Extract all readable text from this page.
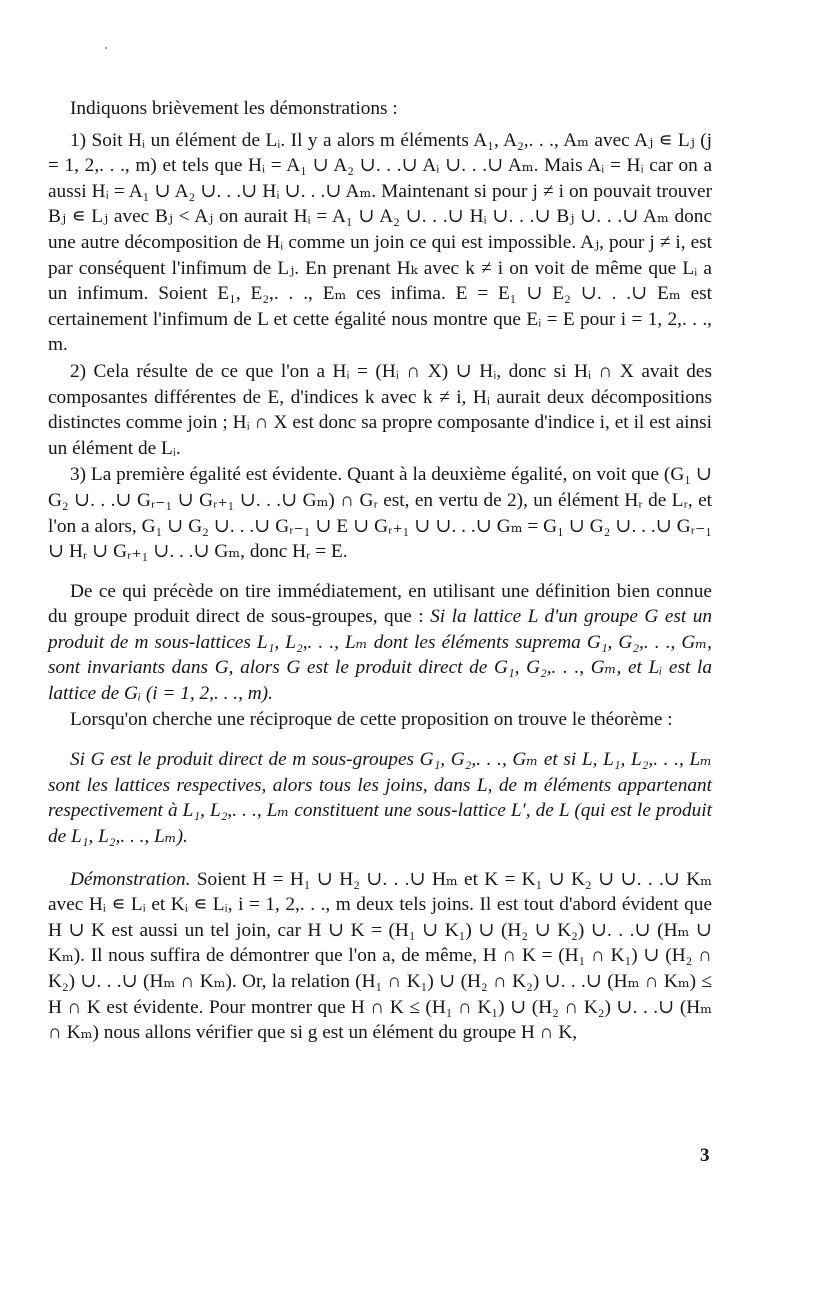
Indiquons brièvement les démonstrations :

1) Soit Hᵢ un élément de Lᵢ. Il y a alors m éléments A₁, A₂,. . ., Aₘ avec Aⱼ ∊ Lⱼ (j = 1, 2,. . ., m) et tels que Hᵢ = A₁ ∪ A₂ ∪. . .∪ Aᵢ ∪. . .∪ Aₘ. Mais Aᵢ = Hᵢ car on a aussi Hᵢ = A₁ ∪ A₂ ∪. . .∪ Hᵢ ∪. . .∪ Aₘ. Maintenant si pour j ≠ i on pouvait trouver Bⱼ ∊ Lⱼ avec Bⱼ < Aⱼ on aurait Hᵢ = A₁ ∪ A₂ ∪. . .∪ Hᵢ ∪. . .∪ Bⱼ ∪. . .∪ Aₘ donc une autre décomposition de Hᵢ comme un join ce qui est impossible. Aⱼ, pour j ≠ i, est par conséquent l'infimum de Lⱼ. En prenant Hₖ avec k ≠ i on voit de même que Lᵢ a un infimum. Soient E₁, E₂,. . ., Eₘ ces infima. E = E₁ ∪ E₂ ∪. . .∪ Eₘ est certainement l'infimum de L et cette égalité nous montre que Eᵢ = E pour i = 1, 2,. . ., m.

2) Cela résulte de ce que l'on a Hᵢ = (Hᵢ ∩ X) ∪ Hᵢ, donc si Hᵢ ∩ X avait des composantes différentes de E, d'indices k avec k ≠ i, Hᵢ aurait deux décompositions distinctes comme join ; Hᵢ ∩ X est donc sa propre composante d'indice i, et il est ainsi un élément de Lᵢ.

3) La première égalité est évidente. Quant à la deuxième égalité, on voit que (G₁ ∪ G₂ ∪. . .∪ Gᵣ₋₁ ∪ Gᵣ₊₁ ∪. . .∪ Gₘ) ∩ Gᵣ est, en vertu de 2), un élément Hᵣ de Lᵣ, et l'on a alors, G₁ ∪ G₂ ∪. . .∪ Gᵣ₋₁ ∪ E ∪ Gᵣ₊₁ ∪ ∪. . .∪ Gₘ = G₁ ∪ G₂ ∪. . .∪ Gᵣ₋₁ ∪ Hᵣ ∪ Gᵣ₊₁ ∪. . .∪ Gₘ, donc Hᵣ = E.

De ce qui précède on tire immédiatement, en utilisant une définition bien connue du groupe produit direct de sous-groupes, que : Si la lattice L d'un groupe G est un produit de m sous-lattices L₁, L₂,. . ., Lₘ dont les éléments suprema G₁, G₂,. . ., Gₘ, sont invariants dans G, alors G est le produit direct de G₁, G₂,. . ., Gₘ, et Lᵢ est la lattice de Gᵢ (i = 1, 2,. . ., m).

Lorsqu'on cherche une réciproque de cette proposition on trouve le théorème :

Si G est le produit direct de m sous-groupes G₁, G₂,. . ., Gₘ et si L, L₁, L₂,. . ., Lₘ sont les lattices respectives, alors tous les joins, dans L, de m éléments appartenant respectivement à L₁, L₂,. . ., Lₘ constituent une sous-lattice L′, de L (qui est le produit de L₁, L₂,. . ., Lₘ).

Démonstration. Soient H = H₁ ∪ H₂ ∪. . .∪ Hₘ et K = K₁ ∪ K₂ ∪ ∪. . .∪ Kₘ avec Hᵢ ∊ Lᵢ et Kᵢ ∊ Lᵢ, i = 1, 2,. . ., m deux tels joins. Il est tout d'abord évident que H ∪ K est aussi un tel join, car H ∪ K = (H₁ ∪ K₁) ∪ (H₂ ∪ K₂) ∪. . .∪ (Hₘ ∪ Kₘ). Il nous suffira de démontrer que l'on a, de même, H ∩ K = (H₁ ∩ K₁) ∪ (H₂ ∩ K₂) ∪. . .∪ (Hₘ ∩ Kₘ). Or, la relation (H₁ ∩ K₁) ∪ (H₂ ∩ K₂) ∪. . .∪ (Hₘ ∩ Kₘ) ≤ H ∩ K est évidente. Pour montrer que H ∩ K ≤ (H₁ ∩ K₁) ∪ (H₂ ∩ K₂) ∪. . .∪ (Hₘ ∩ Kₘ) nous allons vérifier que si g est un élément du groupe H ∩ K,

3
